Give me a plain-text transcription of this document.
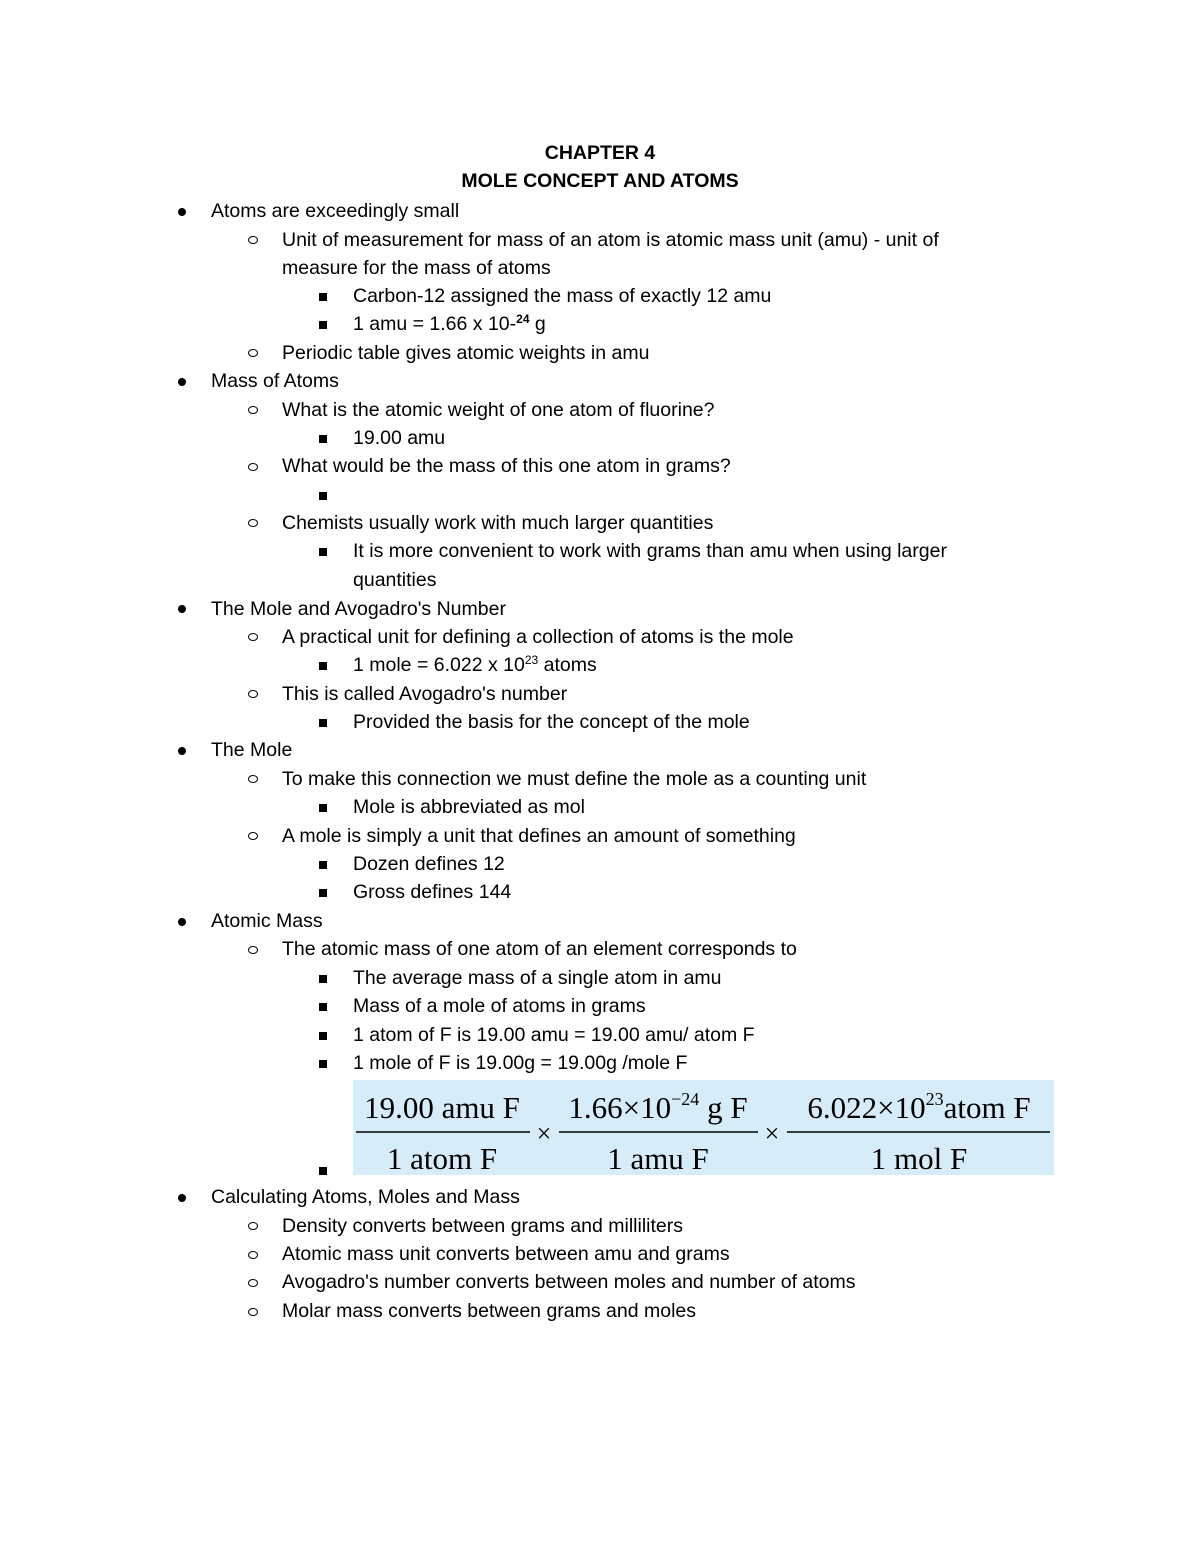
CHAPTER 4
MOLE CONCEPT AND ATOMS
Atoms are exceedingly small
Unit of measurement for mass of an atom is atomic mass unit (amu) - unit of
measure for the mass of atoms
Carbon-12 assigned the mass of exactly 12 amu
1 amu = 1.66 x 10-$^{24}$ g
Periodic table gives atomic weights in amu
Mass of Atoms
What is the atomic weight of one atom of fluorine?
19.00 amu
What would be the mass of this one atom in grams?
Chemists usually work with much larger quantities
It is more convenient to work with grams than amu when using larger
quantities
The Mole and Avogadro's Number
A practical unit for defining a collection of atoms is the mole
1 mole = 6.022 x $10^{23}$ atoms
This is called Avogadro's number
Provided the basis for the concept of the mole
The Mole
To make this connection we must define the mole as a counting unit
Mole is abbreviated as mol
A mole is simply a unit that defines an amount of something
Dozen defines 12
Gross defines 144
Atomic Mass
The atomic mass of one atom of an element corresponds to
The average mass of a single atom in amu
Mass of a mole of atoms in grams
1 atom of F is 19.00 amu = 19.00 amu/ atom F
1 mole of F is 19.00g = 19.00g /mole F
19.00 amu F
1 atom F
×
$1.66\times 10^{-24}$ g F
1 amu F
×
$6.022\times 10^{23}atom$ F
1 mol F
Calculating Atoms, Moles and Mass
Density converts between grams and milliliters
Atomic mass unit converts between amu and grams
Avogadro's number converts between moles and number of atoms
Molar mass converts between grams and moles
